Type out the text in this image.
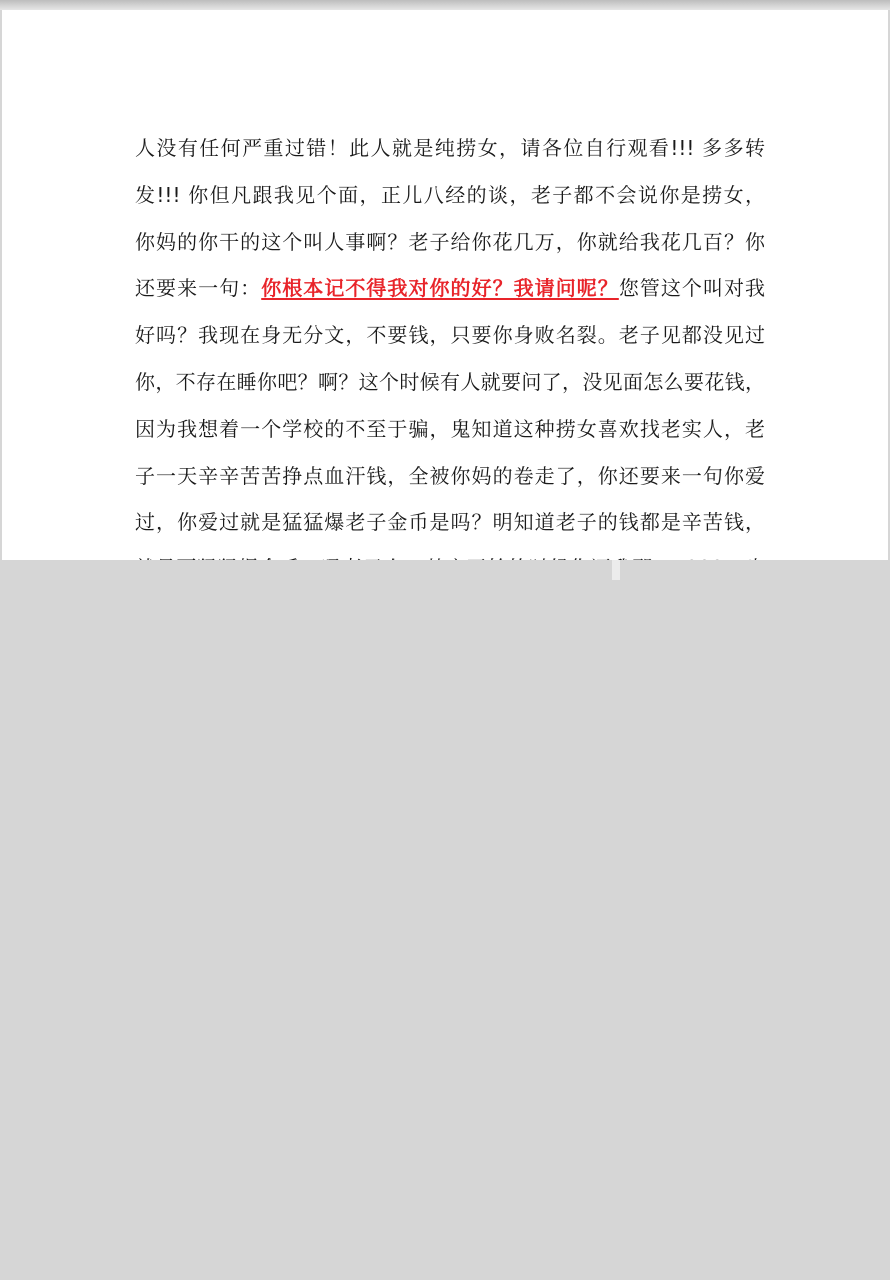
人没有任何严重过错！此人就是纯捞女，请各位自行观看!!! 多多转
发!!! 你但凡跟我见个面，正儿八经的谈，老子都不会说你是捞女，
你妈的你干的这个叫人事啊？老子给你花几万，你就给我花几百？你
还要来一句：你根本记不得我对你的好？我请问呢？您管这个叫对我
好吗？我现在身无分文，不要钱，只要你身败名裂。老子见都没见过
你，不存在睡你吧？啊？这个时候有人就要问了，没见面怎么要花钱，
因为我想着一个学校的不至于骗，鬼知道这种捞女喜欢找老实人，老
子一天辛辛苦苦挣点血汗钱，全被你妈的卷走了，你还要来一句你爱
过，你爱过就是猛猛爆老子金币是吗？明知道老子的钱都是辛苦钱，
